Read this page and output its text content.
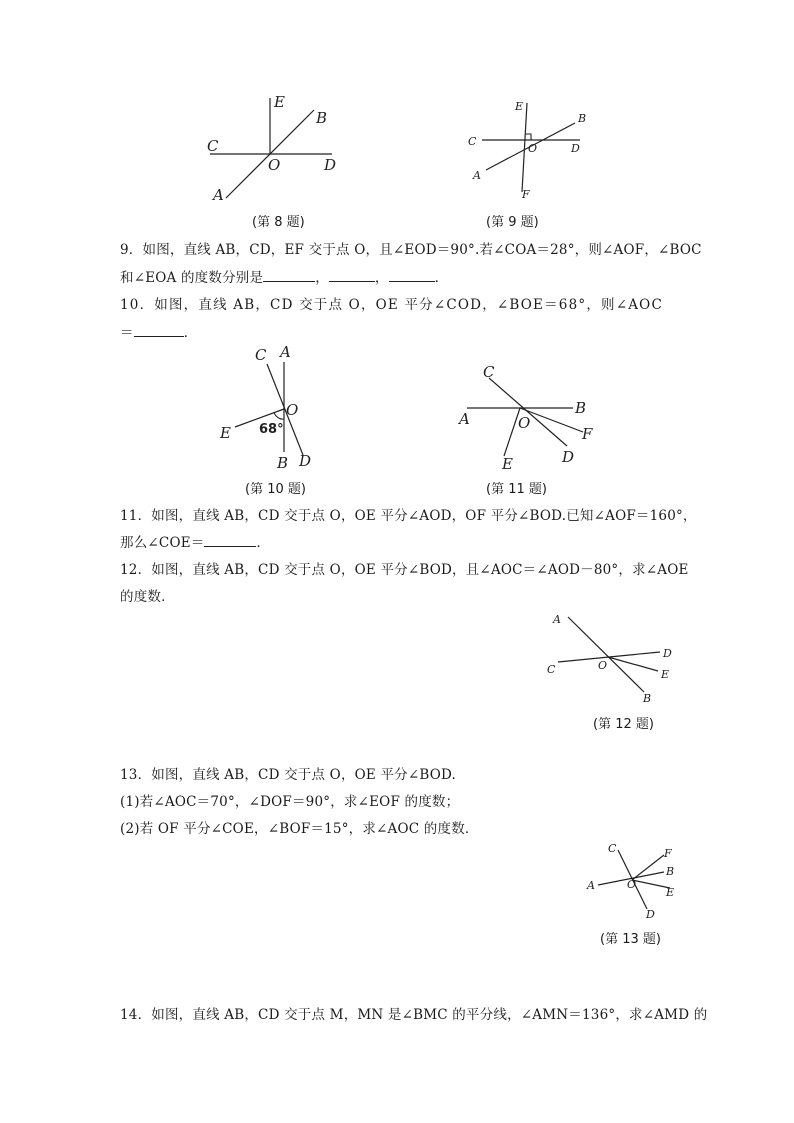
E
B
C
O	D
A
(第 8 题)
E
B
C
O	D
A
F
(第 9 题)
9．如图，直线 AB，CD，EF 交于点 O，且∠EOD＝90°.若∠COA＝28°，则∠AOF，∠BOC
和∠EOA 的度数分别是	，	，	．
10．如图，直线 AB，CD 交于点 O，OE 平分∠COD，∠BOE＝68°，则∠AOC
＝	．
C A
O
E 68°
B D
(第 10 题)
C
A
B
O
F
E	D
(第 11 题)
11．如图，直线 AB，CD 交于点 O，OE 平分∠AOD，OF 平分∠BOD.已知∠AOF＝160°，
那么∠COE＝	．
12．如图，直线 AB，CD 交于点 O，OE 平分∠BOD，且∠AOC＝∠AOD－80°，求∠AOE
的度数．
A
D
C	O
E
B
(第 12 题)
13．如图，直线 AB，CD 交于点 O，OE 平分∠BOD.
(1)若∠AOC＝70°，∠DOF＝90°，求∠EOF 的度数；
(2)若 OF 平分∠COE，∠BOF＝15°，求∠AOC 的度数．
C	F
B
A	O
E
D
(第 13 题)
14．如图，直线 AB，CD 交于点 M，MN 是∠BMC 的平分线，∠AMN＝136°，求∠AMD 的
